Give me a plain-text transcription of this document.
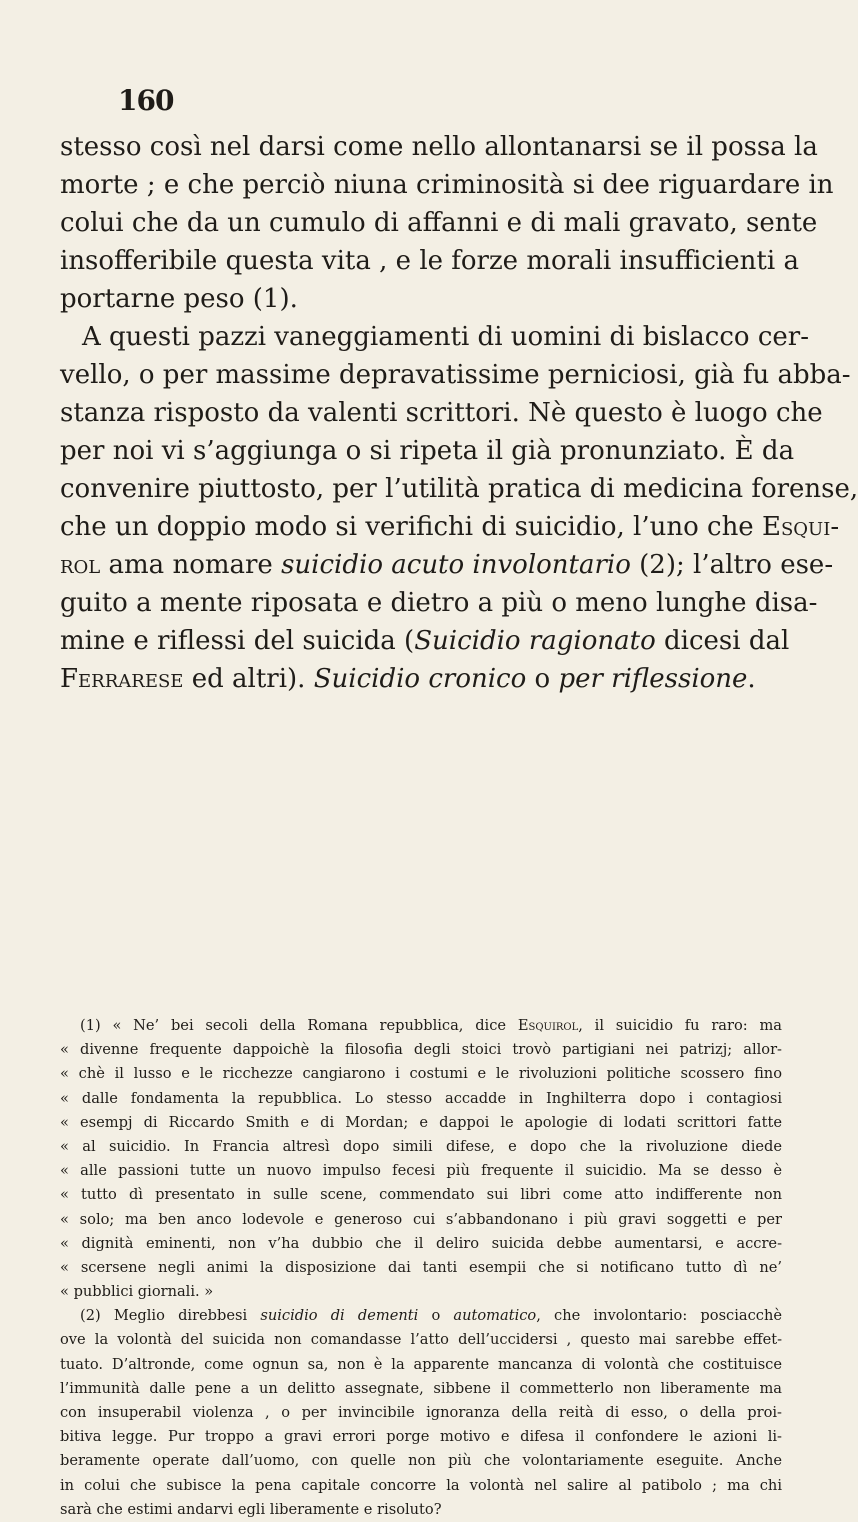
160
stesso così nel darsi come nello allontanarsi se il possa la
morte ; e che perciò niuna criminosità si dee riguardare in
colui che da un cumulo di affanni e di mali gravato, sente
insofferibile questa vita , e le forze morali insufficienti a
portarne peso (1).
A questi pazzi vaneggiamenti di uomini di bislacco cer-
vello, o per massime depravatissime perniciosi, già fu abba-
stanza risposto da valenti scrittori. Nè questo è luogo che
per noi vi s’aggiunga o si ripeta il già pronunziato. È da
convenire piuttosto, per l’utilità pratica di medicina forense,
che un doppio modo si verifichi di suicidio, l’uno che Esqui-
rol ama nomare suicidio acuto involontario (2); l’altro ese-
guito a mente riposata e dietro a più o meno lunghe disa-
mine e riflessi del suicida (Suicidio ragionato dicesi dal
Ferrarese ed altri). Suicidio cronico o per riflessione.
(1) « Ne’ bei secoli della Romana repubblica, dice Esquirol, il suicidio fu raro: ma
« divenne frequente dappoichè la filosofia degli stoici trovò partigiani nei patrizj; allor-
« chè il lusso e le ricchezze cangiarono i costumi e le rivoluzioni politiche scossero fino
« dalle fondamenta la repubblica. Lo stesso accadde in Inghilterra dopo i contagiosi
« esempj di Riccardo Smith e di Mordan; e dappoi le apologie di lodati scrittori fatte
« al suicidio. In Francia altresì dopo simili difese, e dopo che la rivoluzione diede
« alle passioni tutte un nuovo impulso fecesi più frequente il suicidio. Ma se desso è
« tutto dì presentato in sulle scene, commendato sui libri come atto indifferente non
« solo; ma ben anco lodevole e generoso cui s’abbandonano i più gravi soggetti e per
« dignità eminenti, non v’ha dubbio che il deliro suicida debbe aumentarsi, e accre-
« scersene negli animi la disposizione dai tanti esempii che si notificano tutto dì ne’
« pubblici giornali. »
(2) Meglio direbbesi suicidio di dementi o automatico, che involontario: posciacchè
ove la volontà del suicida non comandasse l’atto dell’uccidersi , questo mai sarebbe effet-
tuato. D’altronde, come ognun sa, non è la apparente mancanza di volontà che costituisce
l’immunità dalle pene a un delitto assegnate, sibbene il commetterlo non liberamente ma
con insuperabil violenza , o per invincibile ignoranza della reità di esso, o della proi-
bitiva legge. Pur troppo a gravi errori porge motivo e difesa il confondere le azioni li-
beramente operate dall’uomo, con quelle non più che volontariamente eseguite. Anche
in colui che subisce la pena capitale concorre la volontà nel salire al patibolo ; ma chi
sarà che estimi andarvi egli liberamente e risoluto?
